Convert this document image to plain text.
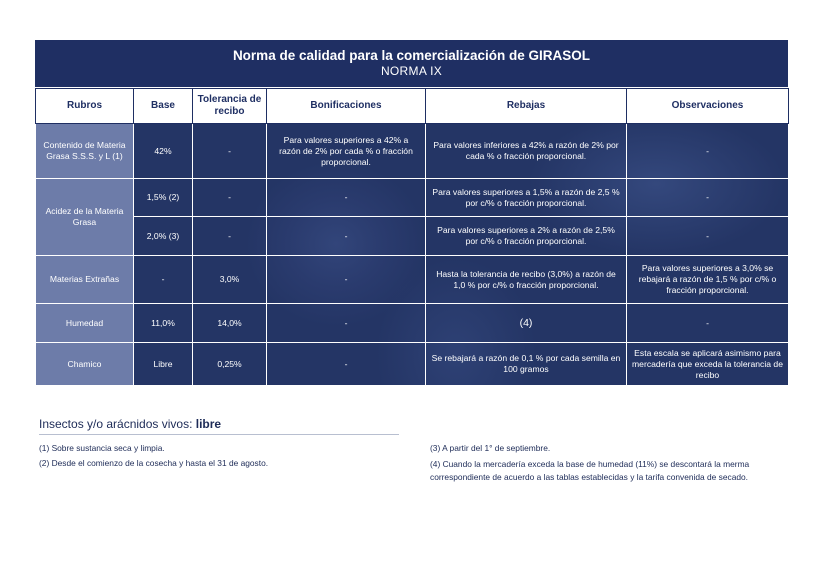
Norma de calidad para la comercialización de GIRASOL
NORMA IX
Rubros	Base	Tolerancia de recibo	Bonificaciones	Rebajas	Observaciones
Contenido de Materia Grasa S.S.S. y L (1)	42%	-	Para valores superiores a 42% a razón de 2% por cada % o fracción proporcional.	Para valores inferiores a 42% a razón de 2% por cada % o fracción proporcional.	-
Acidez de la Materia Grasa	1,5% (2)	-	-	Para valores superiores a 1,5% a razón de 2,5 % por c/% o fracción proporcional.	-
	2,0% (3)	-	-	Para valores superiores a 2% a razón de 2,5% por c/% o fracción proporcional.	-
Materias Extrañas	-	3,0%	-	Hasta la tolerancia de recibo (3,0%) a razón de 1,0 % por c/% o fracción proporcional.	Para valores superiores a 3,0% se rebajará a razón de 1,5 % por c/% o fracción proporcional.
Humedad	11,0%	14,0%	-	(4)	-
Chamico	Libre	0,25%	-	Se rebajará a razón de 0,1 % por cada semilla en 100 gramos	Esta escala se aplicará asimismo para mercadería que exceda la tolerancia de recibo
Insectos y/o arácnidos vivos: libre
(1) Sobre sustancia seca y limpia.
(2) Desde el comienzo de la cosecha y hasta el 31 de agosto.
(3) A partir del 1° de septiembre.
(4) Cuando la mercadería exceda la base de humedad (11%) se descontará la merma correspondiente de acuerdo a las tablas establecidas y la tarifa convenida de secado.
